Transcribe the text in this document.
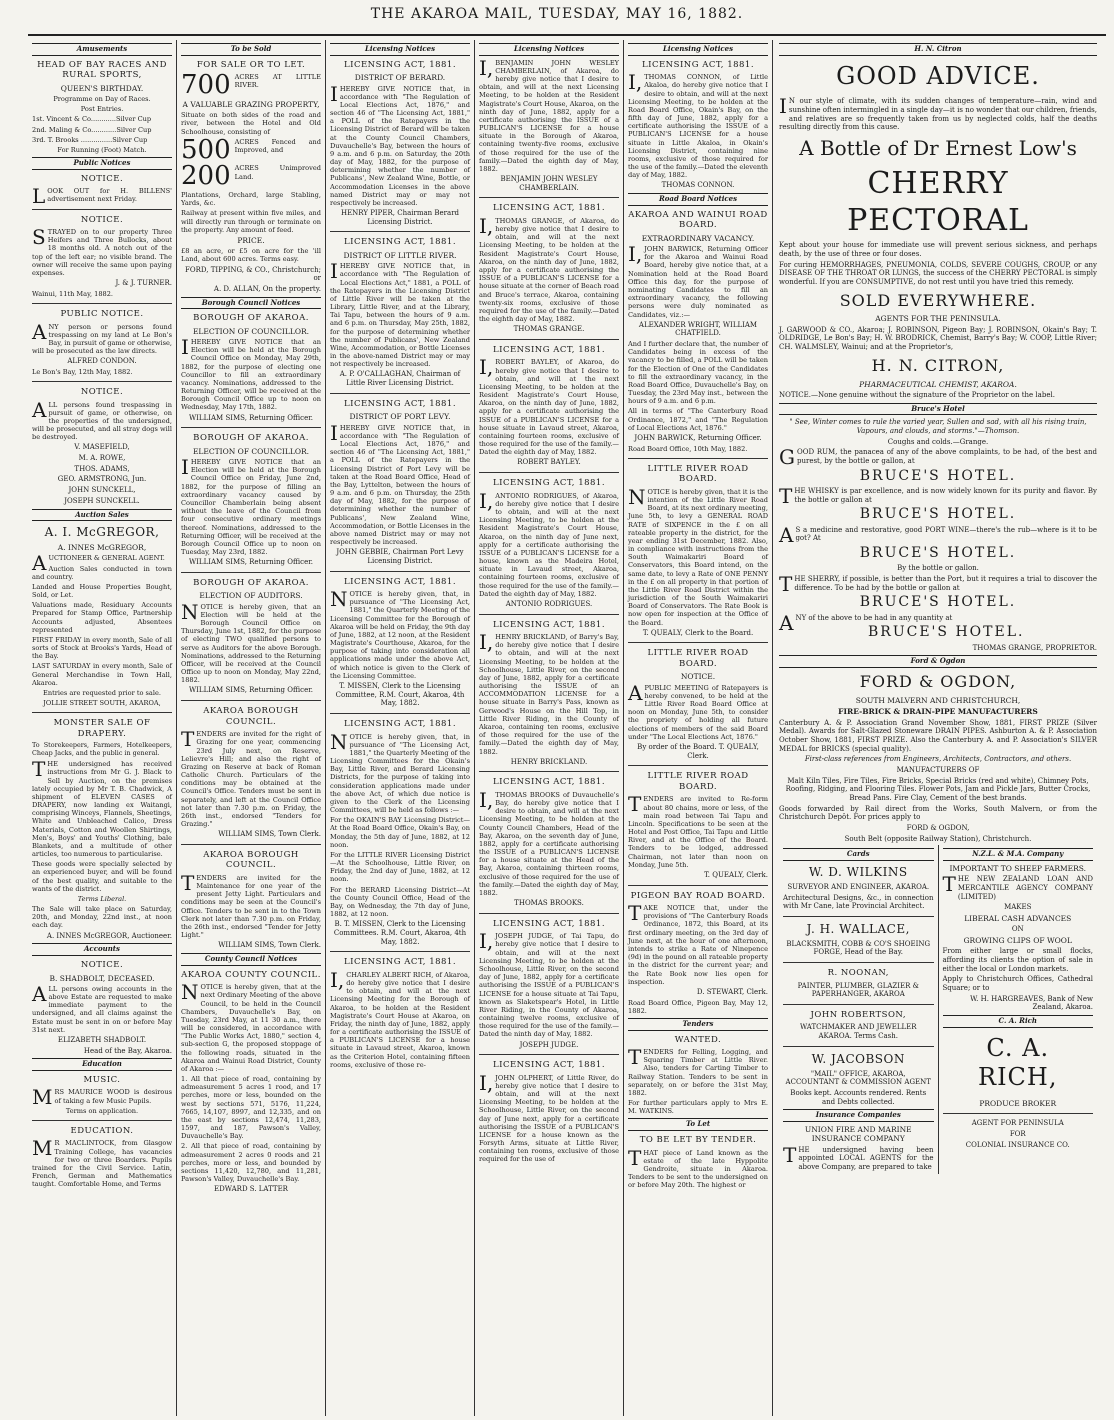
THE AKAROA MAIL, TUESDAY, MAY 16, 1882.
Amusements
HEAD OF BAY RACES AND RURAL SPORTS,
QUEEN'S BIRTHDAY.

Programme on Day of Races.

Post Entries.

1st. Vincent & Co............Silver Cup

2nd. Maling & Co............Silver Cup

3rd. T. Brooks ...............Silver Cup

For Running (Foot) Match.

Public Notices
NOTICE.

LOOK OUT for H. BILLENS' advertisement next Friday.

NOTICE.

STRAYED on to our property Three Heifers and Three Bullocks, about 18 months old. A notch out of the top of the left ear; no visible brand. The owner will receive the same upon paying expenses.

J. & J. TURNER.

Wainui, 11th May, 1882.

PUBLIC NOTICE.

ANY person or persons found trespassing on my land at Le Bon's Bay, in pursuit of game or otherwise, will be prosecuted as the law directs.

ALFRED CONDON.

Le Bon's Bay, 12th May, 1882.

NOTICE.

ALL persons found trespassing in pursuit of game, or otherwise, on the properties of the undersigned, will be prosecuted, and all stray dogs will be destroyed.

V. MASEFIELD,

M. A. ROWE,

THOS. ADAMS,

GEO. ARMSTRONG, Jun.

JOHN SUNCKELL,

JOSEPH SUNCKELL.

Auction Sales
A. I. McGREGOR,
A. INNES McGREGOR,

AUCTIONEER & GENERAL AGENT.

Auction Sales conducted in town and country.

Landed and House Properties Bought, Sold, or Let.

Valuations made, Residuary Accounts Prepared for Stamp Office, Partnership Accounts adjusted, Absentees represented

FIRST FRIDAY in every month, Sale of all sorts of Stock at Brooks's Yards, Head of the Bay.

LAST SATURDAY in every month, Sale of General Merchandise in Town Hall, Akaroa.

Entries are requested prior to sale.

JOLLIE STREET SOUTH, AKAROA,

MONSTER SALE OF DRAPERY.

To Storekeepers, Farmers, Hotelkeepers, Cheap Jacks, and the public in general.

THE undersigned has received instructions from Mr G. J. Black to Sell by Auction, on the premises lately occupied by Mr T. B. Chadwick, A shipment of ELEVEN CASES of DRAPERY, now landing ex Waitangi, comprising Winceys, Flannels, Sheetings, White and Unbleached Calico, Dress Materials, Cotton and Woollen Shirtings, Men's, Boys' and Youths' Clothing, bale Blankets, and a multitude of other articles, too numerous to particularise.

These goods were specially selected by an experienced buyer, and will be found of the best quality, and suitable to the wants of the district.

Terms Liberal.

The Sale will take place on Saturday, 20th, and Monday, 22nd inst., at noon each day.

A. INNES McGREGOR, Auctioneer.

Accounts
NOTICE.
B. SHADBOLT, DECEASED.

ALL persons owing accounts in the above Estate are requested to make immediate payment to the undersigned, and all claims against the Estate must be sent in on or before May 31st next.

ELIZABETH SHADBOLT.

Head of the Bay, Akaroa.

Education
MUSIC.

MRS MAURICE WOOD is desirous of taking a few Music Pupils.

Terms on application.

EDUCATION.

MR MACLINTOCK, from Glasgow Training College, has vacancies for two or three Boarders. Pupils trained for the Civil Service. Latin, French, German and Mathematics taught. Comfortable Home, and Terms

To be Sold
FOR SALE OR TO LET.

700 ACRES AT LITTLE RIVER.

A VALUABLE GRAZING PROPERTY,

Situate on both sides of the road and river, between the Hotel and Old Schoolhouse, consisting of

500 ACRES Fenced and Improved, and

200 ACRES Unimproved Land.

Plantations, Orchard, large Stabling, Yards, &c.

Railway at present within five miles, and will directly run through or terminate on the property. Any amount of feed.

PRICE.

£8 an acre, or £5 on acre for the 'ill Land, about 600 acres. Terms easy.

FORD, TIPPING, & CO., Christchurch; or

A. D. ALLAN, On the property.

Borough Council Notices
BOROUGH OF AKAROA.
ELECTION OF COUNCILLOR.

IHEREBY GIVE NOTICE that an Election will be held at the Borough Council Office on Monday, May 29th, 1882, for the purpose of electing one Councillor to fill an extraordinary vacancy. Nominations, addressed to the Returning Officer, will be received at the Borough Council Office up to noon on Wednesday, May 17th, 1882.

WILLIAM SIMS, Returning Officer.

BOROUGH OF AKAROA.
ELECTION OF COUNCILLOR.

IHEREBY GIVE NOTICE that an Election will be held at the Borough Council Office on Friday, June 2nd, 1882, for the purpose of filling an extraordinary vacancy caused by Councillor Chamberlain being absent without the leave of the Council from four consecutive ordinary meetings thereof. Nominations, addressed to the Returning Officer, will be received at the Borough Council Office up to noon on Tuesday, May 23rd, 1882.

WILLIAM SIMS, Returning Officer.

BOROUGH OF AKAROA.
ELECTION OF AUDITORS.

NOTICE is hereby given, that an Election will be held at the Borough Council Office on Thursday, June 1st, 1882, for the purpose of electing TWO qualified persons to serve as Auditors for the above Borough. Nominations, addressed to the Returning Officer, will be received at the Council Office up to noon on Monday, May 22nd, 1882.

WILLIAM SIMS, Returning Officer.

AKAROA BOROUGH COUNCIL.

TENDERS are invited for the right of Grazing for one year, commencing 23rd July next, on Reserve, Lelievre's Hill; and also the right of Grazing on Reserve at back of Roman Catholic Church. Particulars of the conditions may be obtained at the Council's Office. Tenders must be sent in separately, and left at the Council Office not later than 7.30 p.m. on Friday, the 26th inst., endorsed "Tenders for Grazing."

WILLIAM SIMS, Town Clerk.

AKAROA BOROUGH COUNCIL.

TENDERS are invited for the Maintenance for one year of the present Jetty Light. Particulars and conditions may be seen at the Council's Office. Tenders to be sent in to the Town Clerk not later than 7.30 p.m. on Friday, the 26th inst., endorsed "Tender for Jetty Light."

WILLIAM SIMS, Town Clerk.

County Council Notices
AKAROA COUNTY COUNCIL.

NOTICE is hereby given, that at the next Ordinary Meeting of the above Council, to be held in the Council Chambers, Duvauchelle's Bay, on Tuesday, 23rd May, at 11 30 a.m., there will be considered, in accordance with "The Public Works Act, 1880," section 4, sub-section G, the proposed stoppage of the following roads, situated in the Akaroa and Wainui Road District, County of Akaroa :—

1. All that piece of road, containing by admeasurement 5 acres 1 rood, and 17 perches, more or less, bounded on the west by sections 571, 5176, 11,224, 7665, 14,107, 8997, and 12,335, and on the east by sections 12,474, 11,283, 1597, and 187, Pawson's Valley, Duvauchelle's Bay.

2. All that piece of road, containing by admeasurement 2 acres 0 roods and 21 perches, more or less, and bounded by sections 11,420, 12,780, and 11,281, Pawson's Valley, Duvauchelle's Bay.

EDWARD S. LATTER

Licensing Notices
LICENSING ACT, 1881.
DISTRICT OF BERARD.

IHEREBY GIVE NOTICE that, in accordance with "The Regulation of Local Elections Act, 1876," and section 46 of "The Licensing Act, 1881," a POLL of the Ratepayers in the Licensing District of Berard will be taken at the County Council Chambers, Duvauchelle's Bay, between the hours of 9 a.m. and 6 p.m. on Saturday, the 20th day of May, 1882, for the purpose of determining whether the number of Publicans', New Zealand Wine, Bottle, or Accommodation Licenses in the above named District may or may not respectively be increased.

HENRY PIPER, Chairman Berard Licensing District.

LICENSING ACT, 1881.
DISTRICT OF LITTLE RIVER.

IHEREBY GIVE NOTICE that, in accordance with "The Regulation of Local Elections Act," 1881, a POLL of the Ratepayers in the Licensing District of Little River will be taken at the Library, Little River, and at the Library, Tai Tapu, between the hours of 9 a.m. and 6 p.m. on Thursday, May 25th, 1882, for the purpose of determining whether the number of Publicans', New Zealand Wine, Accommodation, or Bottle Licenses in the above-named District may or may not respectively be increased.

A. P. O'CALLAGHAN, Chairman of Little River Licensing District.

LICENSING ACT, 1881.
DISTRICT OF PORT LEVY.

IHEREBY GIVE NOTICE that, in accordance with "The Regulation of Local Elections Act, 1876," and section 46 of "The Licensing Act, 1881," a POLL of the Ratepayers in the Licensing District of Port Levy will be taken at the Road Board Office, Head of the Bay, Lyttelton, between the hours of 9 a.m. and 6 p.m. on Thursday, the 25th day of May, 1882, for the purpose of determining whether the number of Publicans', New Zealand Wine, Accommodation, or Bottle Licenses in the above named District may or may not respectively be increased.

JOHN GEBBIE, Chairman Port Levy Licensing District.

LICENSING ACT, 1881.

NOTICE is hereby given, that, in pursuance of "The Licensing Act, 1881," the Quarterly Meeting of the Licensing Committee for the Borough of Akaroa will be held on Friday, the 9th day of June, 1882, at 12 noon, at the Resident Magistrate's Courthouse, Akaroa, for the purpose of taking into consideration all applications made under the above Act, of which notice is given to the Clerk of the Licensing Committee.

T. MISSEN, Clerk to the Licensing Committee, R.M. Court, Akaroa, 4th May, 1882.

LICENSING ACT, 1881.

NOTICE is hereby given, that, in pursuance of "The Licensing Act, 1881," the Quarterly Meeting of the Licensing Committees for the Okain's Bay, Little River, and Berard Licensing Districts, for the purpose of taking into consideration applications made under the above Act, of which due notice is given to the Clerk of the Licensing Committees, will be held as follows :—

For the OKAIN'S BAY Licensing District—At the Road Board Office, Okain's Bay, on Monday, the 5th day of June, 1882, at 12 noon.

For the LITTLE RIVER Licensing District—At the Schoolhouse, Little River, on Friday, the 2nd day of June, 1882, at 12 noon.

For the BERARD Licensing District—At the County Council Office, Head of the Bay, on Wednesday, the 7th day of June, 1882, at 12 noon.

B. T. MISSEN, Clerk to the Licensing Committees. R.M. Court, Akaroa, 4th May, 1882.

LICENSING ACT, 1881.

I,CHARLEY ALBERT RICH, of Akaroa, do hereby give notice that I desire to obtain, and will at the next Licensing Meeting for the Borough of Akaroa, to be holden at the Resident Magistrate's Court House at Akaroa, on Friday, the ninth day of June, 1882, apply for a certificate authorising the ISSUE of a PUBLICAN'S LICENSE for a house situate in Lavaud street, Akaroa, known as the Criterion Hotel, containing fifteen rooms, exclusive of those re-

Licensing Notices

I,BENJAMIN JOHN WESLEY CHAMBERLAIN, of Akaroa, do hereby give notice that I desire to obtain, and will at the next Licensing Meeting, to be holden at the Resident Magistrate's Court House, Akaroa, on the ninth day of June, 1882, apply for a certificate authorising the ISSUE of a PUBLICAN'S LICENSE for a house situate in the Borough of Akaroa, containing twenty-five rooms, exclusive of those required for the use of the family.—Dated the eighth day of May, 1882.

BENJAMIN JOHN WESLEY CHAMBERLAIN.

LICENSING ACT, 1881.

I,THOMAS GRANGE, of Akaroa, do hereby give notice that I desire to obtain, and will at the next Licensing Meeting, to be holden at the Resident Magistrate's Court House, Akaroa, on the ninth day of June, 1882, apply for a certificate authorising the ISSUE of a PUBLICAN'S LICENSE for a house situate at the corner of Beach road and Bruce's terrace, Akaroa, containing twenty-six rooms, exclusive of those required for the use of the family.—Dated the eighth day of May, 1882.

THOMAS GRANGE.

LICENSING ACT, 1881.

I,ROBERT BAYLEY, of Akaroa, do hereby give notice that I desire to obtain, and will at the next Licensing Meeting, to be holden at the Resident Magistrate's Court House, Akaroa, on the ninth day of June, 1882, apply for a certificate authorising the ISSUE of a PUBLICAN'S LICENSE for a house situate in Lavaud street, Akaroa, containing fourteen rooms, exclusive of those required for the use of the family.—Dated the eighth day of May, 1882.

ROBERT BAYLEY.

LICENSING ACT, 1881.

I,ANTONIO RODRIGUES, of Akaroa, do hereby give notice that I desire to obtain, and will at the next Licensing Meeting, to be holden at the Resident Magistrate's Court House, Akaroa, on the ninth day of June next, apply for a certificate authorising the ISSUE of a PUBLICAN'S LICENSE for a house, known as the Madeira Hotel, situate in Lavaud street, Akaroa, containing fourteen rooms, exclusive of those required for the use of the family.—Dated the eighth day of May, 1882.

ANTONIO RODRIGUES.

LICENSING ACT, 1881.

I,HENRY BRICKLAND, of Barry's Bay, do hereby give notice that I desire to obtain, and will at the next Licensing Meeting, to be holden at the Schoolhouse, Little River, on the second day of June, 1882, apply for a certificate authorising the ISSUE of an ACCOMMODATION LICENSE for a house situate in Barry's Pass, known as Gerwood's House on the Hill Top, in Little River Riding, in the County of Akaroa, containing ten rooms, exclusive of those required for the use of the family.—Dated the eighth day of May, 1882.

HENRY BRICKLAND.

LICENSING ACT, 1881.

I,THOMAS BROOKS of Duvauchelle's Bay, do hereby give notice that I desire to obtain, and will at the next Licensing Meeting, to be holden at the County Council Chambers, Head of the Bay, Akaroa, on the seventh day of June, 1882, apply for a certificate authorising the ISSUE of a PUBLICAN'S LICENSE for a house situate at the Head of the Bay, Akaroa, containing thirteen rooms, exclusive of those required for the use of the family.—Dated the eighth day of May, 1882.

THOMAS BROOKS.

LICENSING ACT, 1881.

I,JOSEPH JUDGE, of Tai Tapu, do hereby give notice that I desire to obtain, and will at the next Licensing Meeting, to be holden at the Schoolhouse, Little River, on the second day of June, 1882, apply for a certificate authorising the ISSUE of a PUBLICAN'S LICENSE for a house situate at Tai Tapu, known as Slaketspear's Hotel, in Little River Riding, in the County of Akaroa, containing twelve rooms, exclusive of those required for the use of the family.—Dated the ninth day of May, 1882.

JOSEPH JUDGE.

LICENSING ACT, 1881.

I,JOHN OLPHERT, of Little River, do hereby give notice that I desire to obtain, and will at the next Licensing Meeting, to be holden at the Schoolhouse, Little River, on the second day of June next, apply for a certificate authorising the ISSUE of a PUBLICAN'S LICENSE for a house known as the Forsyth Arms, situate at Little River, containing ten rooms, exclusive of those required for the use of

Licensing Notices
LICENSING ACT, 1881.

I,THOMAS CONNON, of Little Akaloa, do hereby give notice that I desire to obtain, and will at the next Licensing Meeting, to be holden at the Road Board Office, Okain's Bay, on the fifth day of June, 1882, apply for a certificate authorising the ISSUE of a PUBLICAN'S LICENSE for a house situate in Little Akaloa, in Okain's Licensing District, containing nine rooms, exclusive of those required for the use of the family.—Dated the eleventh day of May, 1882.

THOMAS CONNON.

Road Board Notices
AKAROA AND WAINUI ROAD BOARD.
EXTRAORDINARY VACANCY.

I,JOHN BARWICK, Returning Officer for the Akaroa and Wainui Road Board, hereby give notice that, at a Nomination held at the Road Board Office this day, for the purpose of nominating Candidates to fill an extraordinary vacancy, the following persons were duly nominated as Candidates, viz.:—

ALEXANDER WRIGHT, WILLIAM CHATFIELD.

And I further declare that, the number of Candidates being in excess of the vacancy to be filled, a POLL will be taken for the Election of One of the Candidates to fill the extraordinary vacancy, in the Road Board Office, Duvauchelle's Bay, on Tuesday, the 23rd May inst., between the hours of 9 a.m. and 6 p.m.

All in terms of "The Canterbury Road Ordinance, 1872," and "The Regulation of Local Elections Act, 1876."

JOHN BARWICK, Returning Officer.

Road Board Office, 10th May, 1882.

LITTLE RIVER ROAD BOARD.

NOTICE is hereby given, that it is the intention of the Little River Road Board, at its next ordinary meeting, June 5th, to levy a GENERAL ROAD RATE of SIXPENCE in the £ on all rateable property in the district, for the year ending 31st December, 1882. Also, in compliance with instructions from the South Waimakariri Board of Conservators, this Board intend, on the same date, to levy a Rate of ONE PENNY in the £ on all property in that portion of the Little River Road District within the jurisdiction of the South Waimakariri Board of Conservators. The Rate Book is now open for inspection at the Office of the Board.

T. QUEALY, Clerk to the Board.

LITTLE RIVER ROAD BOARD.
NOTICE.

APUBLIC MEETING of Ratepayers is hereby convened, to be held at the Little River Road Board Office at noon on Monday, June 5th, to consider the propriety of holding all future elections of members of the said Board under "The Local Elections Act, 1876."

By order of the Board. T. QUEALY, Clerk.

LITTLE RIVER ROAD BOARD.

TENDERS are invited to Re-form about 80 chains, more or less, of the main road between Tai Tapu and Lincoln. Specifications to be seen at the Hotel and Post Office, Tai Tapu and Little River, and at the Office of the Board. Tenders to be lodged, addressed Chairman, not later than noon on Monday, June 5th.

T. QUEALY, Clerk.

PIGEON BAY ROAD BOARD.

TAKE NOTICE that, under the provisions of "The Canterbury Roads Ordinance, 1872, this Board, at its first ordinary meeting, on the 3rd day of June next, at the hour of one afternoon, intends to strike a Rate of Ninepence (9d) in the pound on all rateable property in the district for the current year; and the Rate Book now lies open for inspection.

D. STEWART, Clerk.

Road Board Office, Pigeon Bay, May 12, 1882.

Tenders
WANTED.

TENDERS for Felling, Logging, and Squaring Timber at Little River. Also, tenders for Carting Timber to Railway Station. Tenders to be sent in separately, on or before the 31st May, 1882.

For further particulars apply to Mrs E. M. WATKINS.

To Let
TO BE LET BY TENDER.

THAT piece of Land known as the estate of the late Hyppolite Gendroite, situate in Akaroa. Tenders to be sent to the undersigned on or before May 20th. The highest or

H. N. Citron
GOOD ADVICE.

IN our style of climate, with its sudden changes of temperature—rain, wind and sunshine often intermingled in a single day—it is no wonder that our children, friends, and relatives are so frequently taken from us by neglected colds, half the deaths resulting directly from this cause.

A Bottle of Dr Ernest Low's
CHERRY PECTORAL

Kept about your house for immediate use will prevent serious sickness, and perhaps death, by the use of three or four doses.

For curing HEMORRHAGES, PNEUMONIA, COLDS, SEVERE COUGHS, CROUP, or any DISEASE OF THE THROAT OR LUNGS, the success of the CHERRY PECTORAL is simply wonderful. If you are CONSUMPTIVE, do not rest until you have tried this remedy.

SOLD EVERYWHERE.
AGENTS FOR THE PENINSULA.

J. GARWOOD & CO., Akaroa; J. ROBINSON, Pigeon Bay; J. ROBINSON, Okain's Bay; T. OLDRIDGE, Le Bon's Bay; H. W. BRODRICK, Chemist, Barry's Bay; W. COOP, Little River; CH. WALMSLEY, Wainui; and at the Proprietor's,

H. N. CITRON,
PHARMACEUTICAL CHEMIST, AKAROA.

NOTICE.—None genuine without the signature of the Proprietor on the label.

Bruce's Hotel

" See, Winter comes to rule the varied year, Sullen and sad, with all his rising train, Vapours, and clouds, and storms."—Thomson.

Coughs and colds.—Grange.

GOOD RUM, the panacea of any of the above complaints, to be had, of the best and purest, by the bottle or gallon, at

BRUCE'S HOTEL.

THE WHISKY is par excellence, and is now widely known for its purity and flavor. By the bottle or gallon at

BRUCE'S HOTEL.

AS a medicine and restorative, good PORT WINE—there's the rub—where is it to be got? At

BRUCE'S HOTEL.

By the bottle or gallon.

THE SHERRY, if possible, is better than the Port, but it requires a trial to discover the difference. To be had by the bottle or gallon at

BRUCE'S HOTEL.

ANY of the above to be had in any quantity at

BRUCE'S HOTEL.

THOMAS GRANGE, PROPRIETOR.

Ford & Ogdon
FORD & OGDON,
SOUTH MALVERN AND CHRISTCHURCH,
FIRE-BRICK & DRAIN-PIPE MANUFACTURERS

Canterbury A. & P. Association Grand November Show, 1881, FIRST PRIZE (Silver Medal). Awards for Salt-Glazed Stoneware DRAIN PIPES. Ashburton A. & P. Association October Show, 1881, FIRST PRIZE. Also the Canterbury A. and P. Association's SILVER MEDAL for BRICKS (special quality).

First-class references from Engineers, Architects, Contractors, and others.

MANUFACTURERS OF

Malt Kiln Tiles, Fire Tiles, Fire Bricks, Special Bricks (red and white), Chimney Pots, Roofing, Ridging, and Flooring Tiles. Flower Pots, Jam and Pickle Jars, Butter Crocks, Bread Pans. Fire Clay, Cement of the best brands.

Goods forwarded by Rail direct from the Works, South Malvern, or from the Christchurch Depôt. For prices apply to

FORD & OGDON,

South Belt (opposite Railway Station), Christchurch.

Cards
W. D. WILKINS

SURVEYOR AND ENGINEER, AKAROA.

Architectural Designs, &c., in connection with Mr Cane, late Provincial Architect.

J. H. WALLACE,

BLACKSMITH, COBB & CO'S SHOEING FORGE, Head of the Bay.

R. NOONAN,

PAINTER, PLUMBER, GLAZIER & PAPERHANGER, AKAROA

JOHN ROBERTSON,

WATCHMAKER AND JEWELLER AKAROA. Terms Cash.

W. JACOBSON

"MAIL" OFFICE, AKAROA, ACCOUNTANT & COMMISSION AGENT

Books kept. Accounts rendered. Rents and Debts collected.

Insurance Companies
UNION FIRE AND MARINE INSURANCE COMPANY

THE undersigned having been appointed LOCAL AGENTS for the above Company, are prepared to take

N.Z.L. & M.A. Company
IMPORTANT TO SHEEP FARMERS.

THE NEW ZEALAND LOAN AND MERCANTILE AGENCY COMPANY (LIMITED)

MAKES

LIBERAL CASH ADVANCES

ON

GROWING CLIPS OF WOOL

From either large or small flocks, affording its clients the option of sale in either the local or London markets.

Apply to Christchurch Offices, Cathedral Square; or to

W. H. HARGREAVES, Bank of New Zealand, Akaroa.

C. A. Rich
C. A. RICH,
PRODUCE BROKER

AGENT FOR PENINSULA

FOR

COLONIAL INSURANCE CO.
